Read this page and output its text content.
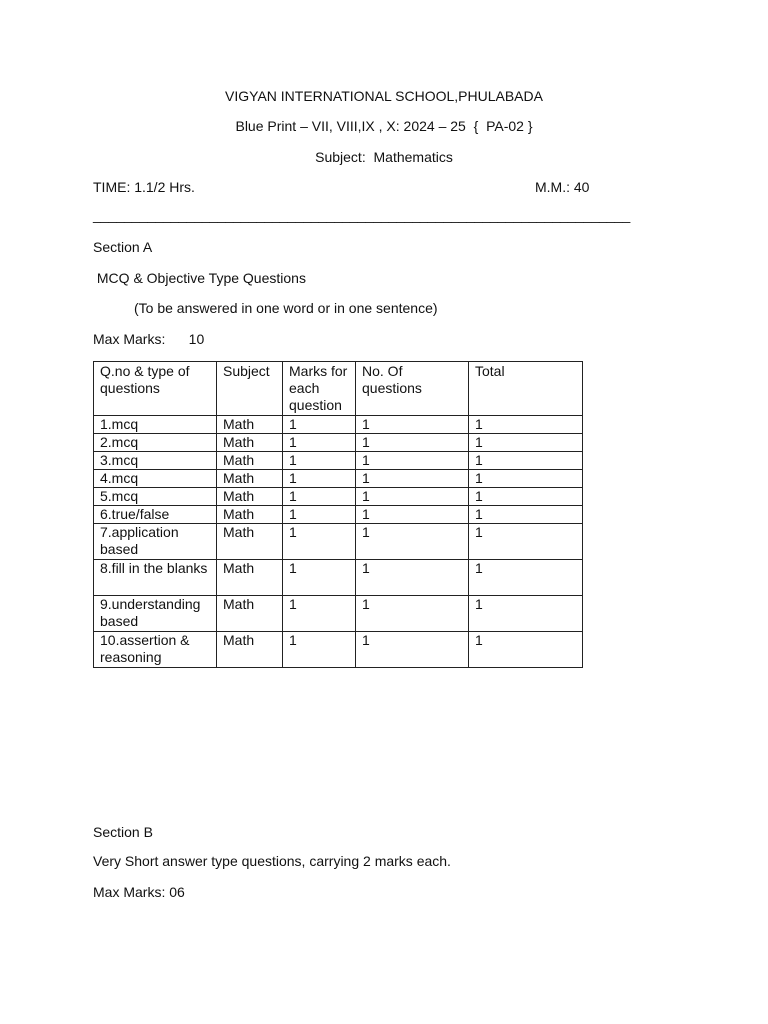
VIGYAN INTERNATIONAL SCHOOL,PHULABADA
Blue Print – VII, VIII,IX , X: 2024 – 25  {  PA-02 }
Subject:  Mathematics
TIME: 1.1/2 Hrs.	M.M.: 40
_____________________________________________________________________
Section A
MCQ & Objective Type Questions
(To be answered in one word or in one sentence)
Max Marks:      10
Q.no & type of questions	Subject	Marks for each question	No. Of questions	Total
1.mcq	Math	1	1	1
2.mcq	Math	1	1	1
3.mcq	Math	1	1	1
4.mcq	Math	1	1	1
5.mcq	Math	1	1	1
6.true/false	Math	1	1	1
7.application based	Math	1	1	1
8.fill in the blanks	Math	1	1	1
9.understanding based	Math	1	1	1
10.assertion & reasoning	Math	1	1	1
Section B
Very Short answer type questions, carrying 2 marks each.
Max Marks: 06
